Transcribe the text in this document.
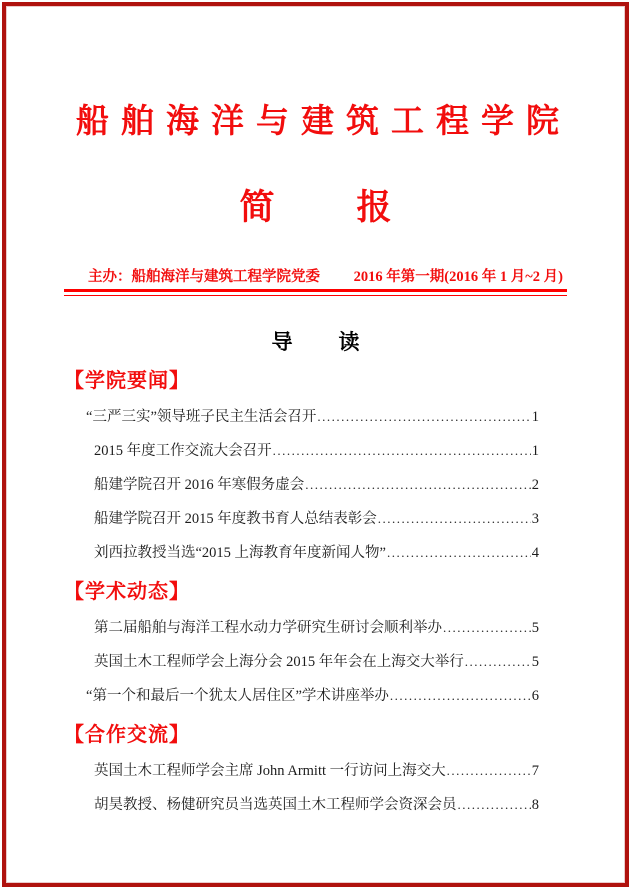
船舶海洋与建筑工程学院
简 报
主办：船舶海洋与建筑工程学院党委 2016 年第一期(2016 年 1 月~2 月)
导 读
【学院要闻】
“三严三实”领导班子民主生活会召开 .....	1
2015 年度工作交流大会召开 .....	1
船建学院召开 2016 年寒假务虚会 .....	2
船建学院召开 2015 年度教书育人总结表彰会 .....	3
刘西拉教授当选“2015 上海教育年度新闻人物” .....	4
【学术动态】
第二届船舶与海洋工程水动力学研究生研讨会顺利举办 .....	5
英国土木工程师学会上海分会 2015 年年会在上海交大举行 .....	5
“第一个和最后一个犹太人居住区”学术讲座举办 .....	6
【合作交流】
英国土木工程师学会主席 John Armitt 一行访问上海交大 .....	7
胡昊教授、杨健研究员当选英国土木工程师学会资深会员 .....	8
